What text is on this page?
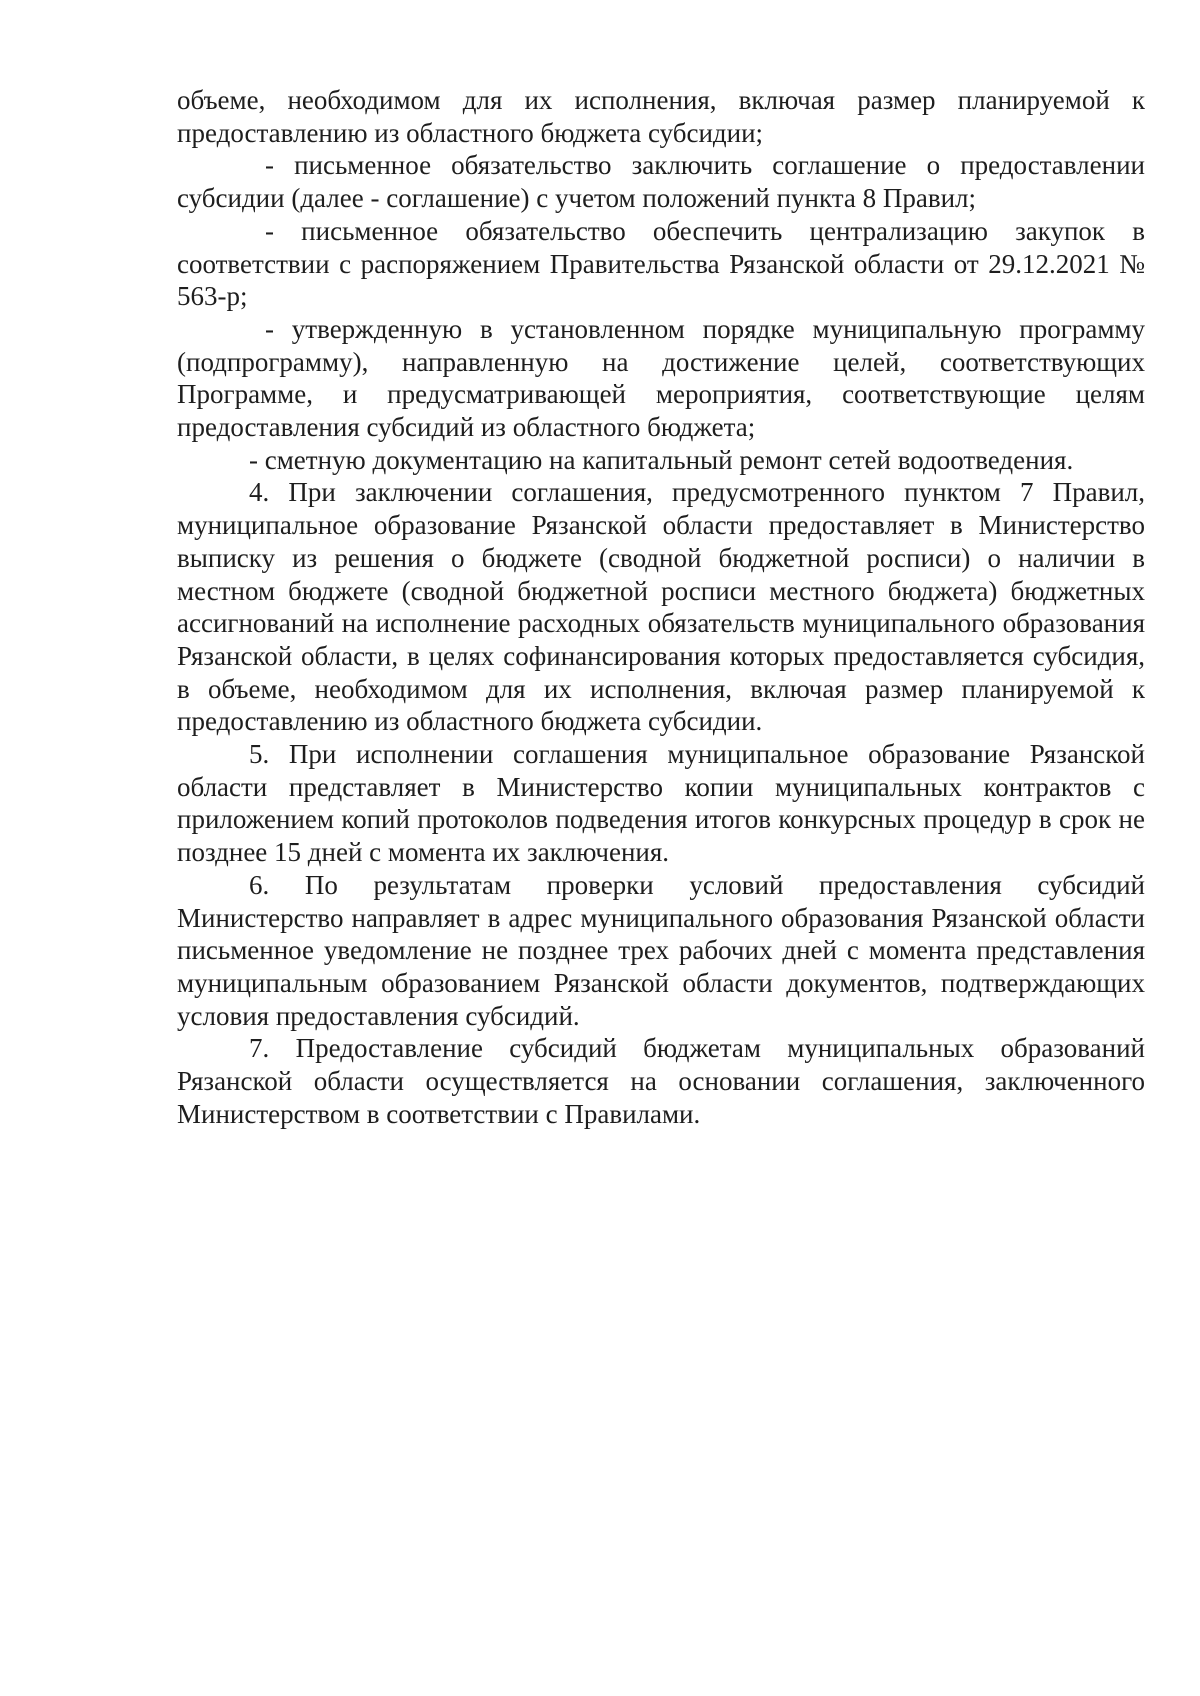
объеме, необходимом для их исполнения, включая размер планируемой к предоставлению из областного бюджета субсидии;

- письменное обязательство заключить соглашение о предоставлении субсидии (далее - соглашение) с учетом положений пункта 8 Правил;

- письменное обязательство обеспечить централизацию закупок в соответствии с распоряжением Правительства Рязанской области от 29.12.2021 № 563-р;

- утвержденную в установленном порядке муниципальную программу (подпрограмму), направленную на достижение целей, соответствующих Программе, и предусматривающей мероприятия, соответствующие целям предоставления субсидий из областного бюджета;

- сметную документацию на капитальный ремонт сетей водоотведения.

4. При заключении соглашения, предусмотренного пунктом 7 Правил, муниципальное образование Рязанской области предоставляет в Министерство выписку из решения о бюджете (сводной бюджетной росписи) о наличии в местном бюджете (сводной бюджетной росписи местного бюджета) бюджетных ассигнований на исполнение расходных обязательств муниципального образования Рязанской области, в целях софинансирования которых предоставляется субсидия, в объеме, необходимом для их исполнения, включая размер планируемой к предоставлению из областного бюджета субсидии.

5. При исполнении соглашения муниципальное образование Рязанской области представляет в Министерство копии муниципальных контрактов с приложением копий протоколов подведения итогов конкурсных процедур в срок не позднее 15 дней с момента их заключения.

6. По результатам проверки условий предоставления субсидий Министерство направляет в адрес муниципального образования Рязанской области письменное уведомление не позднее трех рабочих дней с момента представления муниципальным образованием Рязанской области документов, подтверждающих условия предоставления субсидий.

7. Предоставление субсидий бюджетам муниципальных образований Рязанской области осуществляется на основании соглашения, заключенного Министерством в соответствии с Правилами.
